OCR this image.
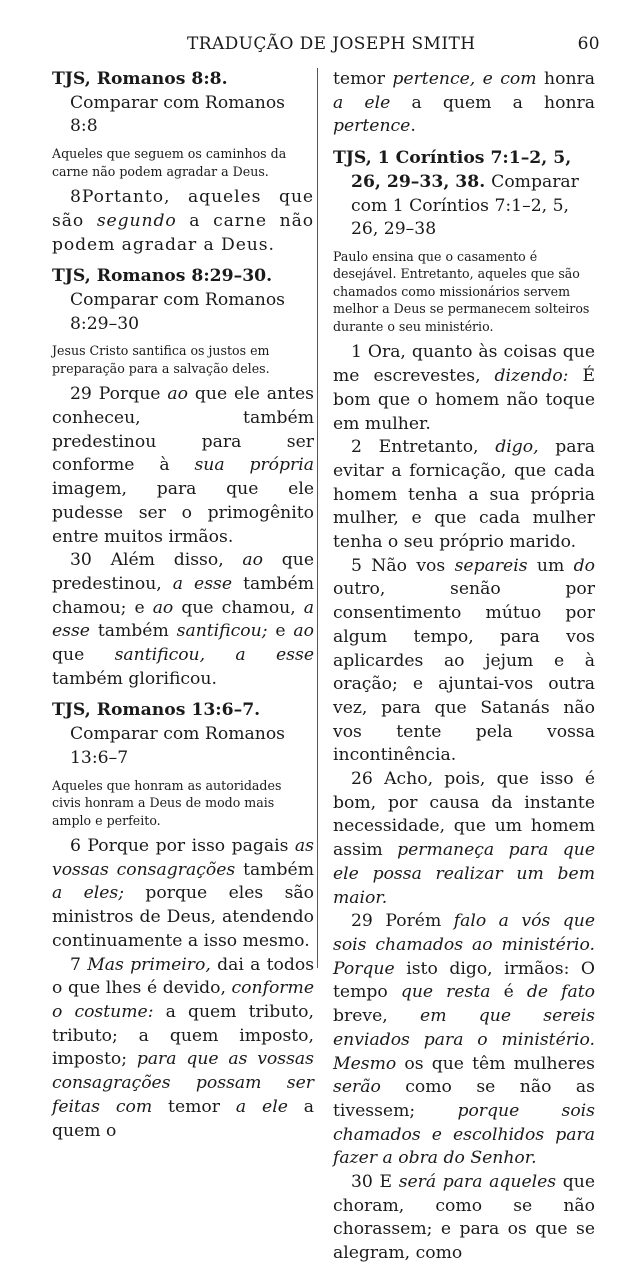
TRADUÇÃO DE JOSEPH SMITH	60

TJS, Romanos 8:8. Comparar com Romanos 8:8

Aqueles que seguem os caminhos da carne não podem agradar a Deus.

8Portanto, aqueles que são segundo a carne não podem agradar a Deus.

TJS, Romanos 8:29–30. Comparar com Romanos 8:29–30

Jesus Cristo santifica os justos em preparação para a salvação deles.

29 Porque ao que ele antes conheceu, também predestinou para ser conforme à sua própria imagem, para que ele pudesse ser o primogênito entre muitos irmãos.

30 Além disso, ao que predestinou, a esse também chamou; e ao que chamou, a esse também santificou; e ao que santificou, a esse também glorificou.

TJS, Romanos 13:6–7. Comparar com Romanos 13:6–7

Aqueles que honram as autoridades civis honram a Deus de modo mais amplo e perfeito.

6 Porque por isso pagais as vossas consagrações também a eles; porque eles são ministros de Deus, atendendo continuamente a isso mesmo.

7 Mas primeiro, dai a todos o que lhes é devido, conforme o costume: a quem tributo, tributo; a quem imposto, imposto; para que as vossas consagrações possam ser feitas com temor a ele a quem o

temor pertence, e com honra a ele a quem a honra pertence.

TJS, 1 Coríntios 7:1–2, 5, 26, 29–33, 38. Comparar com 1 Coríntios 7:1–2, 5, 26, 29–38

Paulo ensina que o casamento é desejável. Entretanto, aqueles que são chamados como missionários servem melhor a Deus se permanecem solteiros durante o seu ministério.

1 Ora, quanto às coisas que me escrevestes, dizendo: É bom que o homem não toque em mulher.

2 Entretanto, digo, para evitar a fornicação, que cada homem tenha a sua própria mulher, e que cada mulher tenha o seu próprio marido.

5 Não vos separeis um do outro, senão por consentimento mútuo por algum tempo, para vos aplicardes ao jejum e à oração; e ajuntai-vos outra vez, para que Satanás não vos tente pela vossa incontinência.

26 Acho, pois, que isso é bom, por causa da instante necessidade, que um homem assim permaneça para que ele possa realizar um bem maior.

29 Porém falo a vós que sois chamados ao ministério. Porque isto digo, irmãos: O tempo que resta é de fato breve, em que sereis enviados para o ministério. Mesmo os que têm mulheres serão como se não as tivessem; porque sois chamados e escolhidos para fazer a obra do Senhor.

30 E será para aqueles que choram, como se não chorassem; e para os que se alegram, como
